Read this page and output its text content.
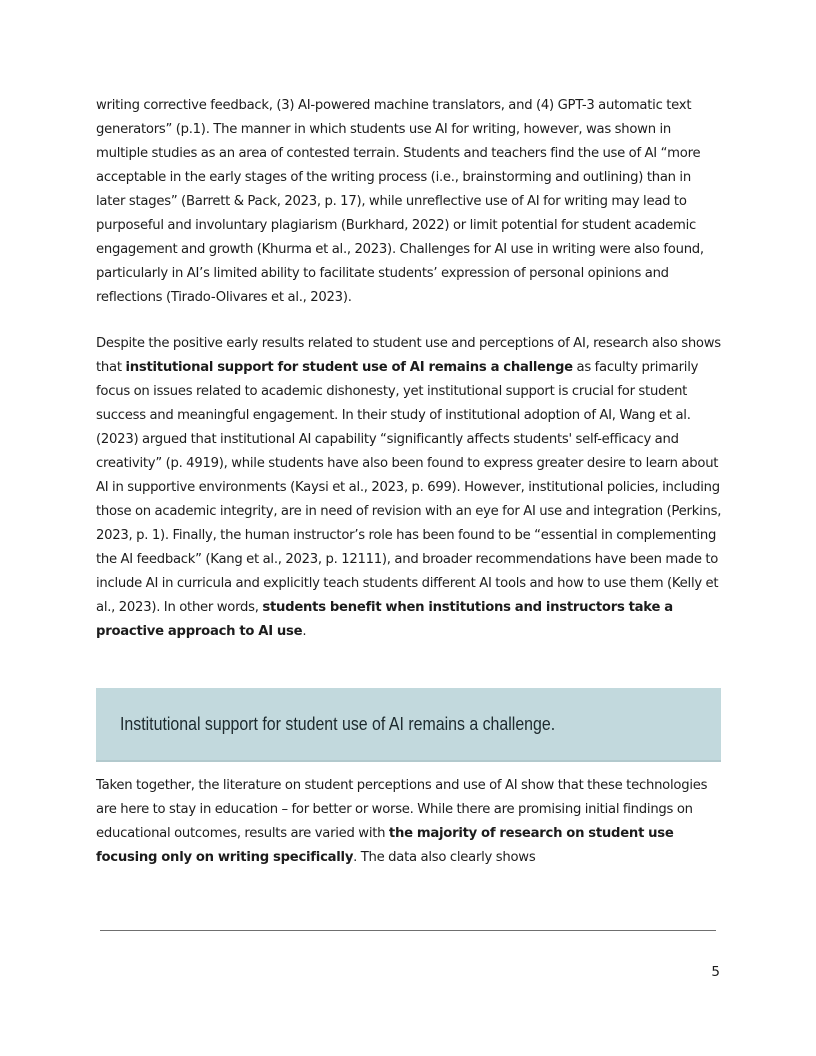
writing corrective feedback, (3) AI-powered machine translators, and (4) GPT-3 automatic text generators” (p.1). The manner in which students use AI for writing, however, was shown in multiple studies as an area of contested terrain. Students and teachers find the use of AI “more acceptable in the early stages of the writing process (i.e., brainstorming and outlining) than in later stages” (Barrett & Pack, 2023, p. 17), while unreflective use of AI for writing may lead to purposeful and involuntary plagiarism (Burkhard, 2022) or limit potential for student academic engagement and growth (Khurma et al., 2023). Challenges for AI use in writing were also found, particularly in AI’s limited ability to facilitate students’ expression of personal opinions and reflections (Tirado-Olivares et al., 2023).

Despite the positive early results related to student use and perceptions of AI, research also shows that institutional support for student use of AI remains a challenge as faculty primarily focus on issues related to academic dishonesty, yet institutional support is crucial for student success and meaningful engagement. In their study of institutional adoption of AI, Wang et al. (2023) argued that institutional AI capability “significantly affects students' self-efficacy and creativity” (p. 4919), while students have also been found to express greater desire to learn about AI in supportive environments (Kaysi et al., 2023, p. 699). However, institutional policies, including those on academic integrity, are in need of revision with an eye for AI use and integration (Perkins, 2023, p. 1). Finally, the human instructor’s role has been found to be “essential in complementing the AI feedback” (Kang et al., 2023, p. 12111), and broader recommendations have been made to include AI in curricula and explicitly teach students different AI tools and how to use them (Kelly et al., 2023). In other words, students benefit when institutions and instructors take a proactive approach to AI use.

Institutional support for student use of AI remains a challenge.

Taken together, the literature on student perceptions and use of AI show that these technologies are here to stay in education – for better or worse. While there are promising initial findings on educational outcomes, results are varied with the majority of research on student use focusing only on writing specifically. The data also clearly shows

5
